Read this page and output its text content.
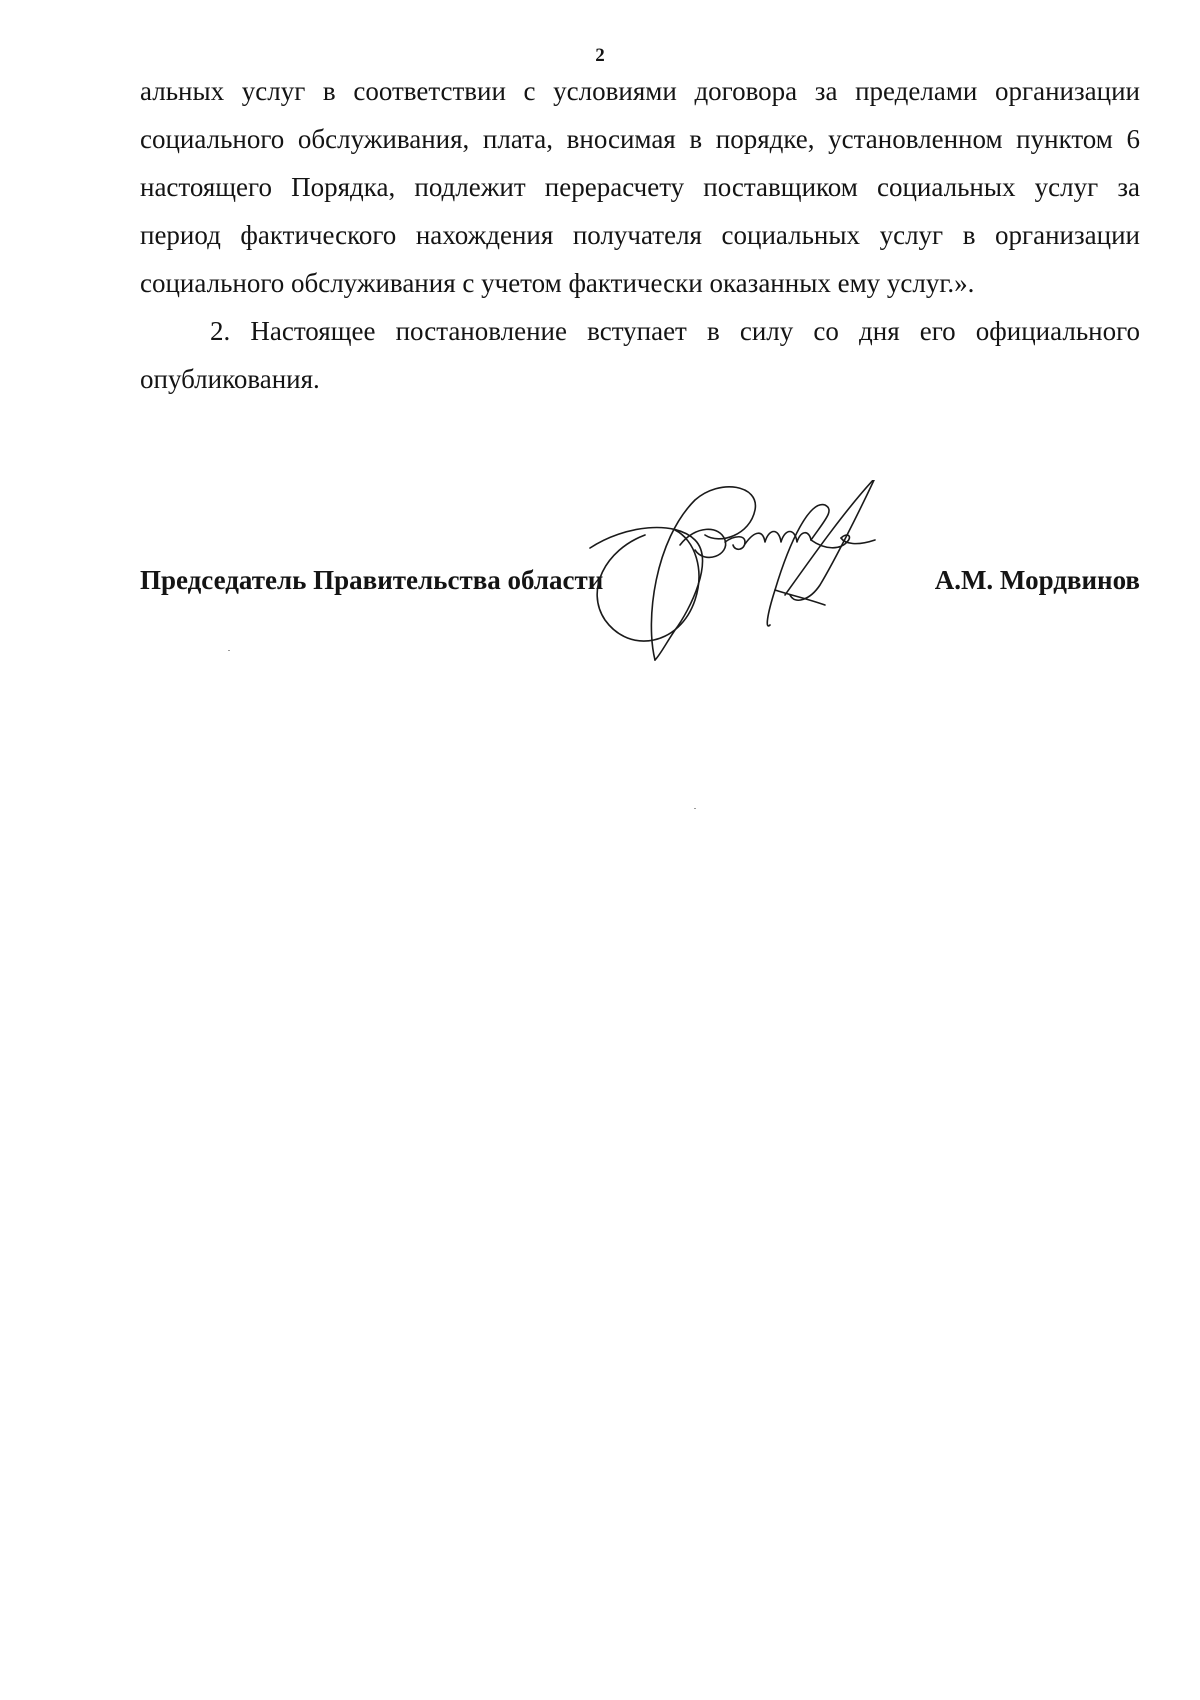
2

альных услуг в соответствии с условиями договора за пределами организации социального обслуживания, плата, вносимая в порядке, установленном пунктом 6 настоящего Порядка, подлежит перерасчету поставщиком социальных услуг за период фактического нахождения получателя социальных услуг в организации социального обслуживания с учетом фактически оказанных ему услуг.».

2. Настоящее постановление вступает в силу со дня его официального опубликования.

Председатель Правительства области	А.М. Мордвинов
